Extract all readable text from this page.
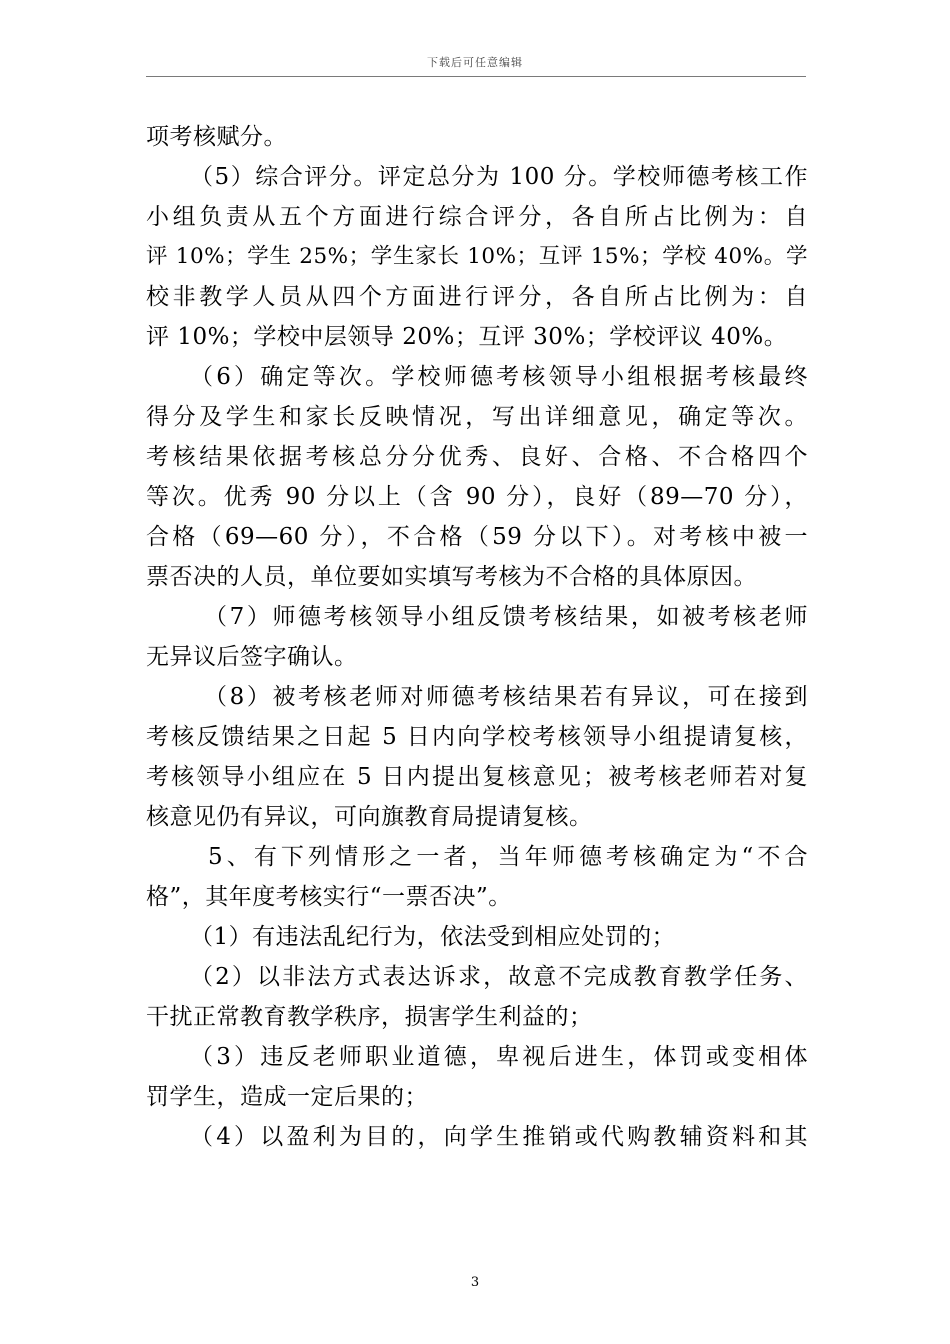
下载后可任意编辑
项考核赋分。
（5）综合评分。评定总分为 100 分。学校师德考核工作
小组负责从五个方面进行综合评分，各自所占比例为：自
评 10%；学生 25%；学生家长 10%；互评 15%；学校 40%。学
校非教学人员从四个方面进行评分，各自所占比例为：自
评 10%；学校中层领导 20%；互评 30%；学校评议 40%。
（6）确定等次。学校师德考核领导小组根据考核最终
得分及学生和家长反映情况，写出详细意见，确定等次。
考核结果依据考核总分分优秀、良好、合格、不合格四个
等次。优秀 90 分以上（含 90 分），良好（89—70 分），
合格（69—60 分），不合格（59 分以下）。对考核中被一
票否决的人员，单位要如实填写考核为不合格的具体原因。
（7）师德考核领导小组反馈考核结果，如被考核老师
无异议后签字确认。
（8）被考核老师对师德考核结果若有异议，可在接到
考核反馈结果之日起 5 日内向学校考核领导小组提请复核，
考核领导小组应在 5 日内提出复核意见；被考核老师若对复
核意见仍有异议，可向旗教育局提请复核。
5、有下列情形之一者，当年师德考核确定为“不合
格”，其年度考核实行“一票否决”。
（1）有违法乱纪行为，依法受到相应处罚的；
（2）以非法方式表达诉求，故意不完成教育教学任务、
干扰正常教育教学秩序，损害学生利益的；
（3）违反老师职业道德，卑视后进生，体罚或变相体
罚学生，造成一定后果的；
（4）以盈利为目的，向学生推销或代购教辅资料和其
3
